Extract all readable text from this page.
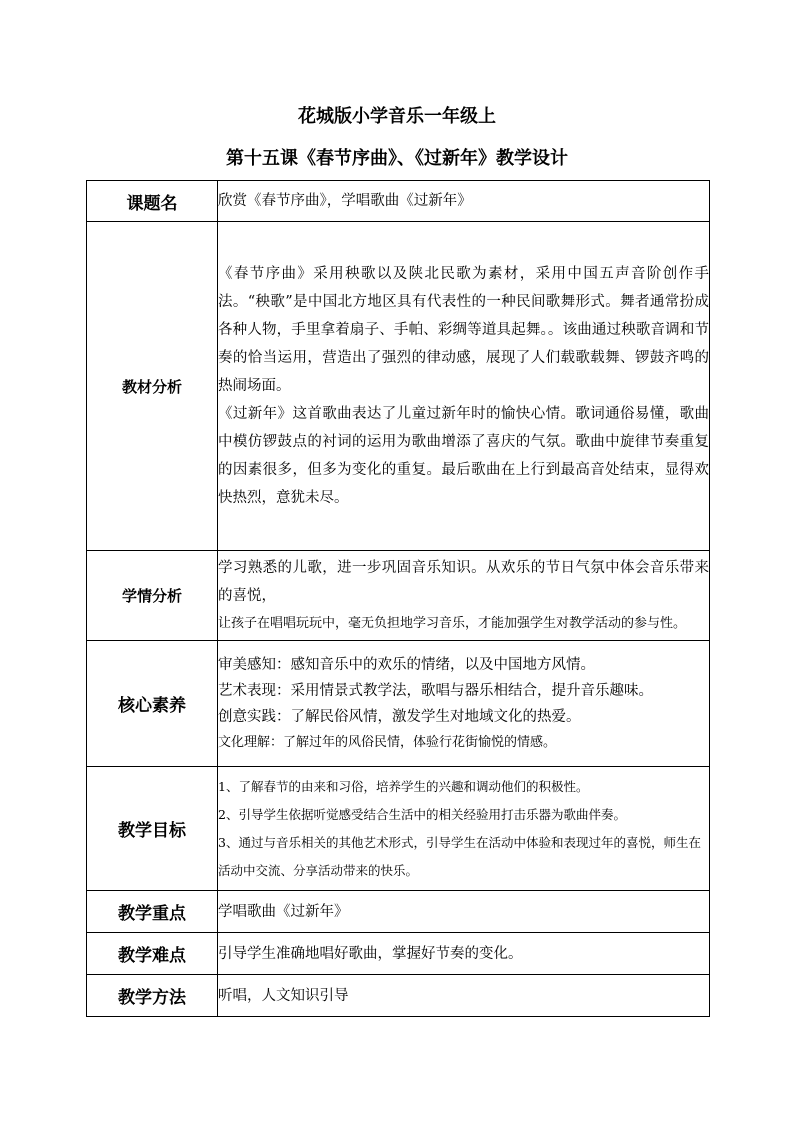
花城版小学音乐一年级上
第十五课《春节序曲》、《过新年》教学设计
课题名	欣赏《春节序曲》，学唱歌曲《过新年》
教材分析	《春节序曲》采用秧歌以及陕北民歌为素材，采用中国五声音阶创作手法。“秧歌”是中国北方地区具有代表性的一种民间歌舞形式。舞者通常扮成各种人物，手里拿着扇子、手帕、彩绸等道具起舞。。该曲通过秧歌音调和节奏的恰当运用，营造出了强烈的律动感，展现了人们载歌载舞、锣鼓齐鸣的热闹场面。
《过新年》这首歌曲表达了儿童过新年时的愉快心情。歌词通俗易懂，歌曲中模仿锣鼓点的衬词的运用为歌曲增添了喜庆的气氛。歌曲中旋律节奏重复的因素很多，但多为变化的重复。最后歌曲在上行到最高音处结束，显得欢快热烈，意犹未尽。

学情分析	学习熟悉的儿歌，进一步巩固音乐知识。从欢乐的节日气氛中体会音乐带来的喜悦，
让孩子在唱唱玩玩中，毫无负担地学习音乐，才能加强学生对教学活动的参与性。

核心素养	审美感知：感知音乐中的欢乐的情绪，以及中国地方风情。
艺术表现：采用情景式教学法，歌唱与器乐相结合，提升音乐趣味。
创意实践：了解民俗风情，激发学生对地域文化的热爱。
文化理解：了解过年的风俗民情，体验行花街愉悦的情感。

教学目标	1、了解春节的由来和习俗，培养学生的兴趣和调动他们的积极性。
2、引导学生依据听觉感受结合生活中的相关经验用打击乐器为歌曲伴奏。
3、通过与音乐相关的其他艺术形式，引导学生在活动中体验和表现过年的喜悦，师生在活动中交流、分享活动带来的快乐。

教学重点	学唱歌曲《过新年》
教学难点	引导学生准确地唱好歌曲，掌握好节奏的变化。
教学方法	听唱，人文知识引导
